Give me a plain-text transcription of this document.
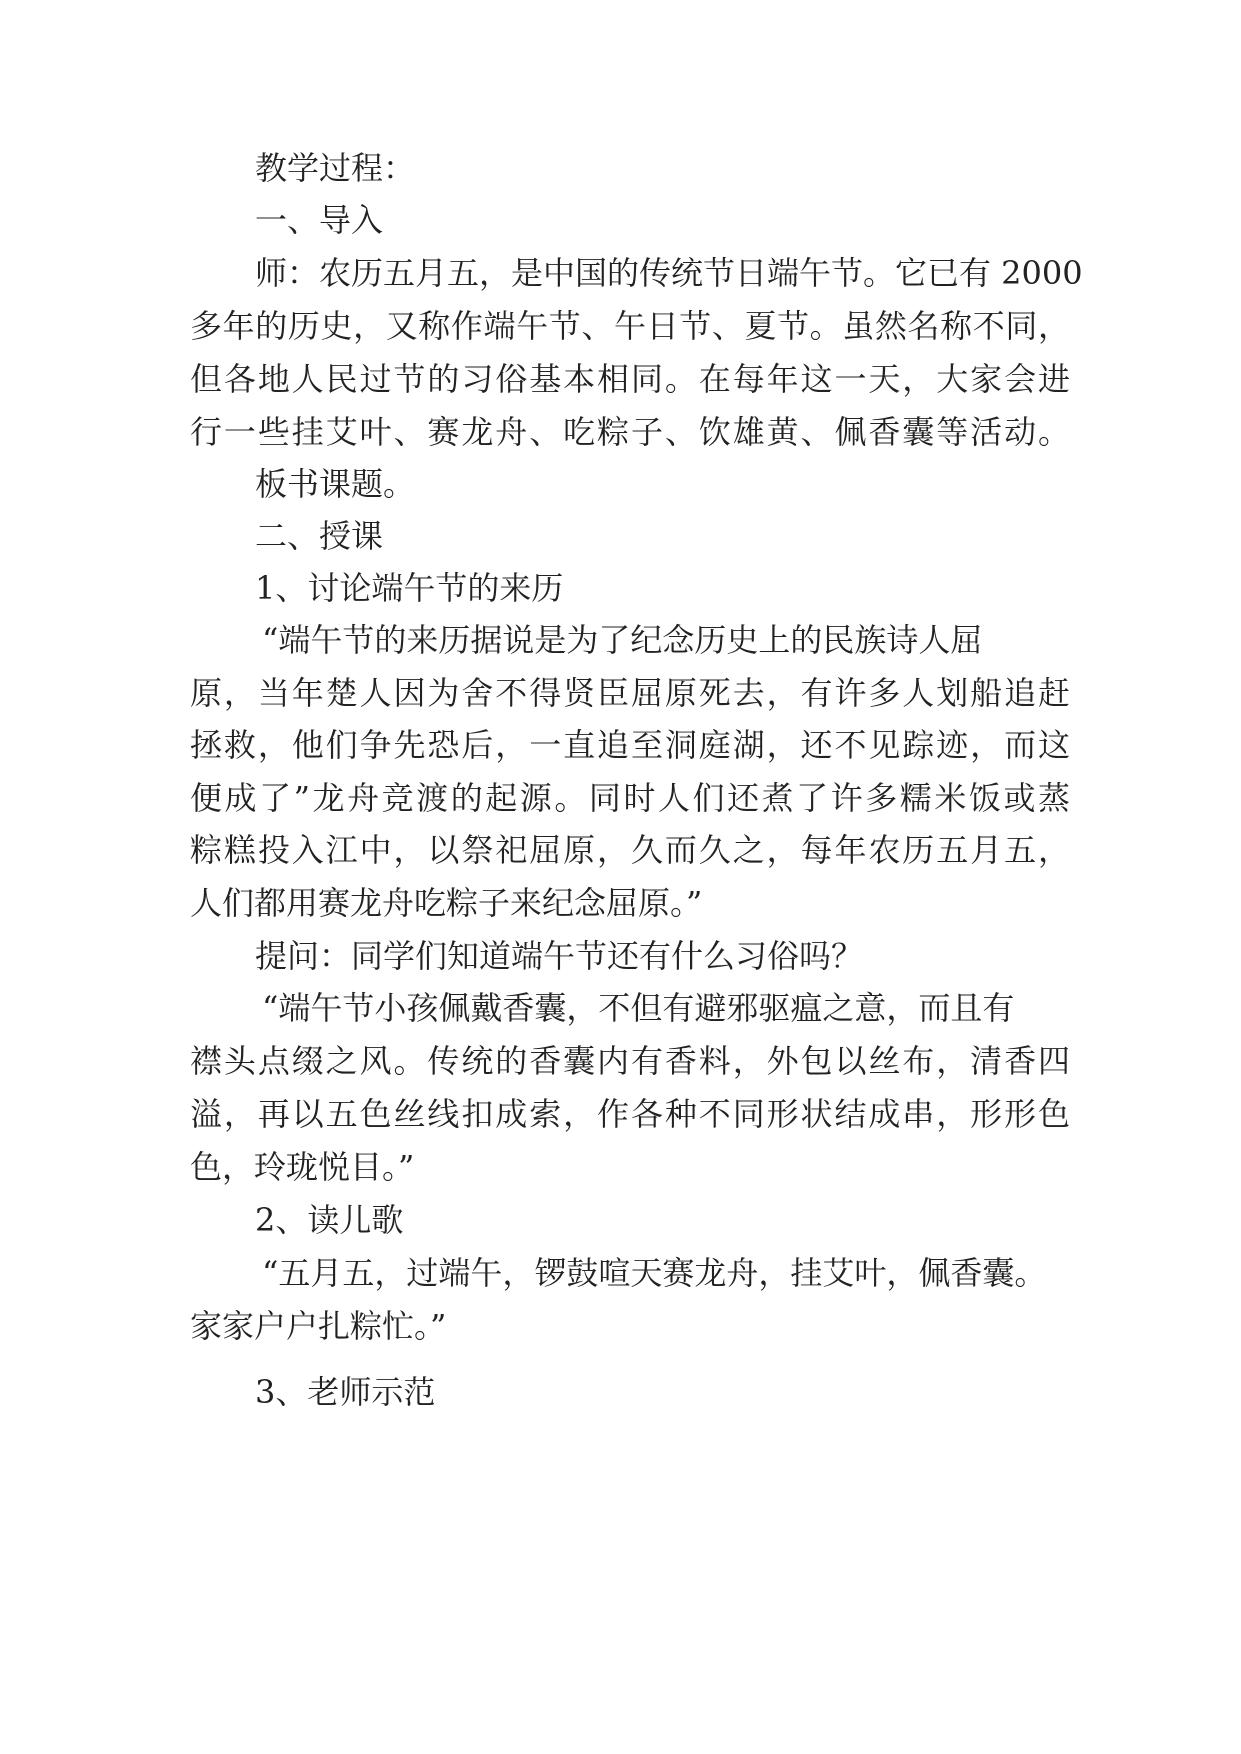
教学过程：
一、导入
师：农历五月五，是中国的传统节日端午节。它已有 2000
多年的历史，又称作端午节、午日节、夏节。虽然名称不同，
但各地人民过节的习俗基本相同。在每年这一天，大家会进
行一些挂艾叶、赛龙舟、吃粽子、饮雄黄、佩香囊等活动。
板书课题。
二、授课
1、讨论端午节的来历
“端午节的来历据说是为了纪念历史上的民族诗人屈
原，当年楚人因为舍不得贤臣屈原死去，有许多人划船追赶
拯救，他们争先恐后，一直追至洞庭湖，还不见踪迹，而这
便成了”龙舟竞渡的起源。同时人们还煮了许多糯米饭或蒸
粽糕投入江中，以祭祀屈原，久而久之，每年农历五月五，
人们都用赛龙舟吃粽子来纪念屈原。”
提问：同学们知道端午节还有什么习俗吗？
“端午节小孩佩戴香囊，不但有避邪驱瘟之意，而且有
襟头点缀之风。传统的香囊内有香料，外包以丝布，清香四
溢，再以五色丝线扣成索，作各种不同形状结成串，形形色
色，玲珑悦目。”
2、读儿歌
“五月五，过端午，锣鼓喧天赛龙舟，挂艾叶，佩香囊。
家家户户扎粽忙。”
3、老师示范
